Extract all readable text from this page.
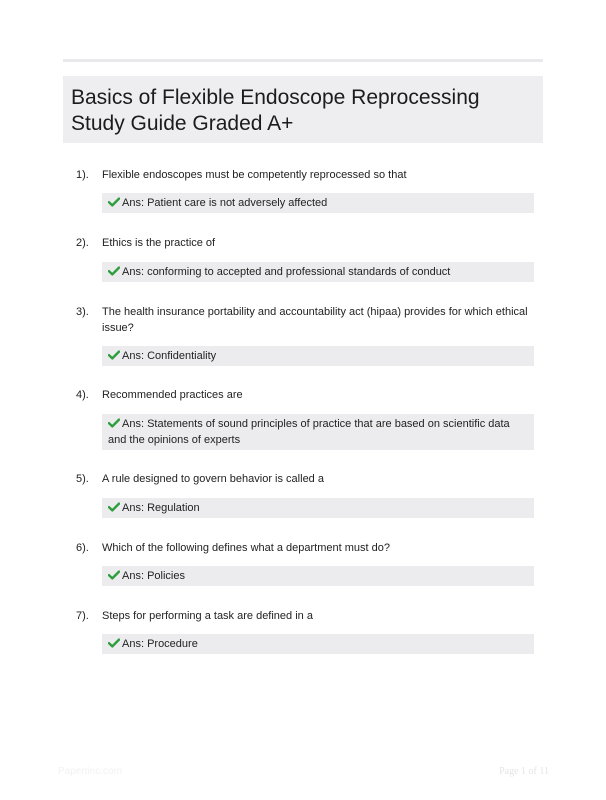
Basics of Flexible Endoscope Reprocessing
Study Guide Graded A+
1). Flexible endoscopes must be competently reprocessed so that
Ans: Patient care is not adversely affected
2). Ethics is the practice of
Ans: conforming to accepted and professional standards of conduct
3). The health insurance portability and accountability act (hipaa) provides for which ethical issue?
Ans: Confidentiality
4). Recommended practices are
Ans: Statements of sound principles of practice that are based on scientific data and the opinions of experts
5). A rule designed to govern behavior is called a
Ans: Regulation
6). Which of the following defines what a department must do?
Ans: Policies
7). Steps for performing a task are defined in a
Ans: Procedure
Papertinc.com	Page 1 of 11
